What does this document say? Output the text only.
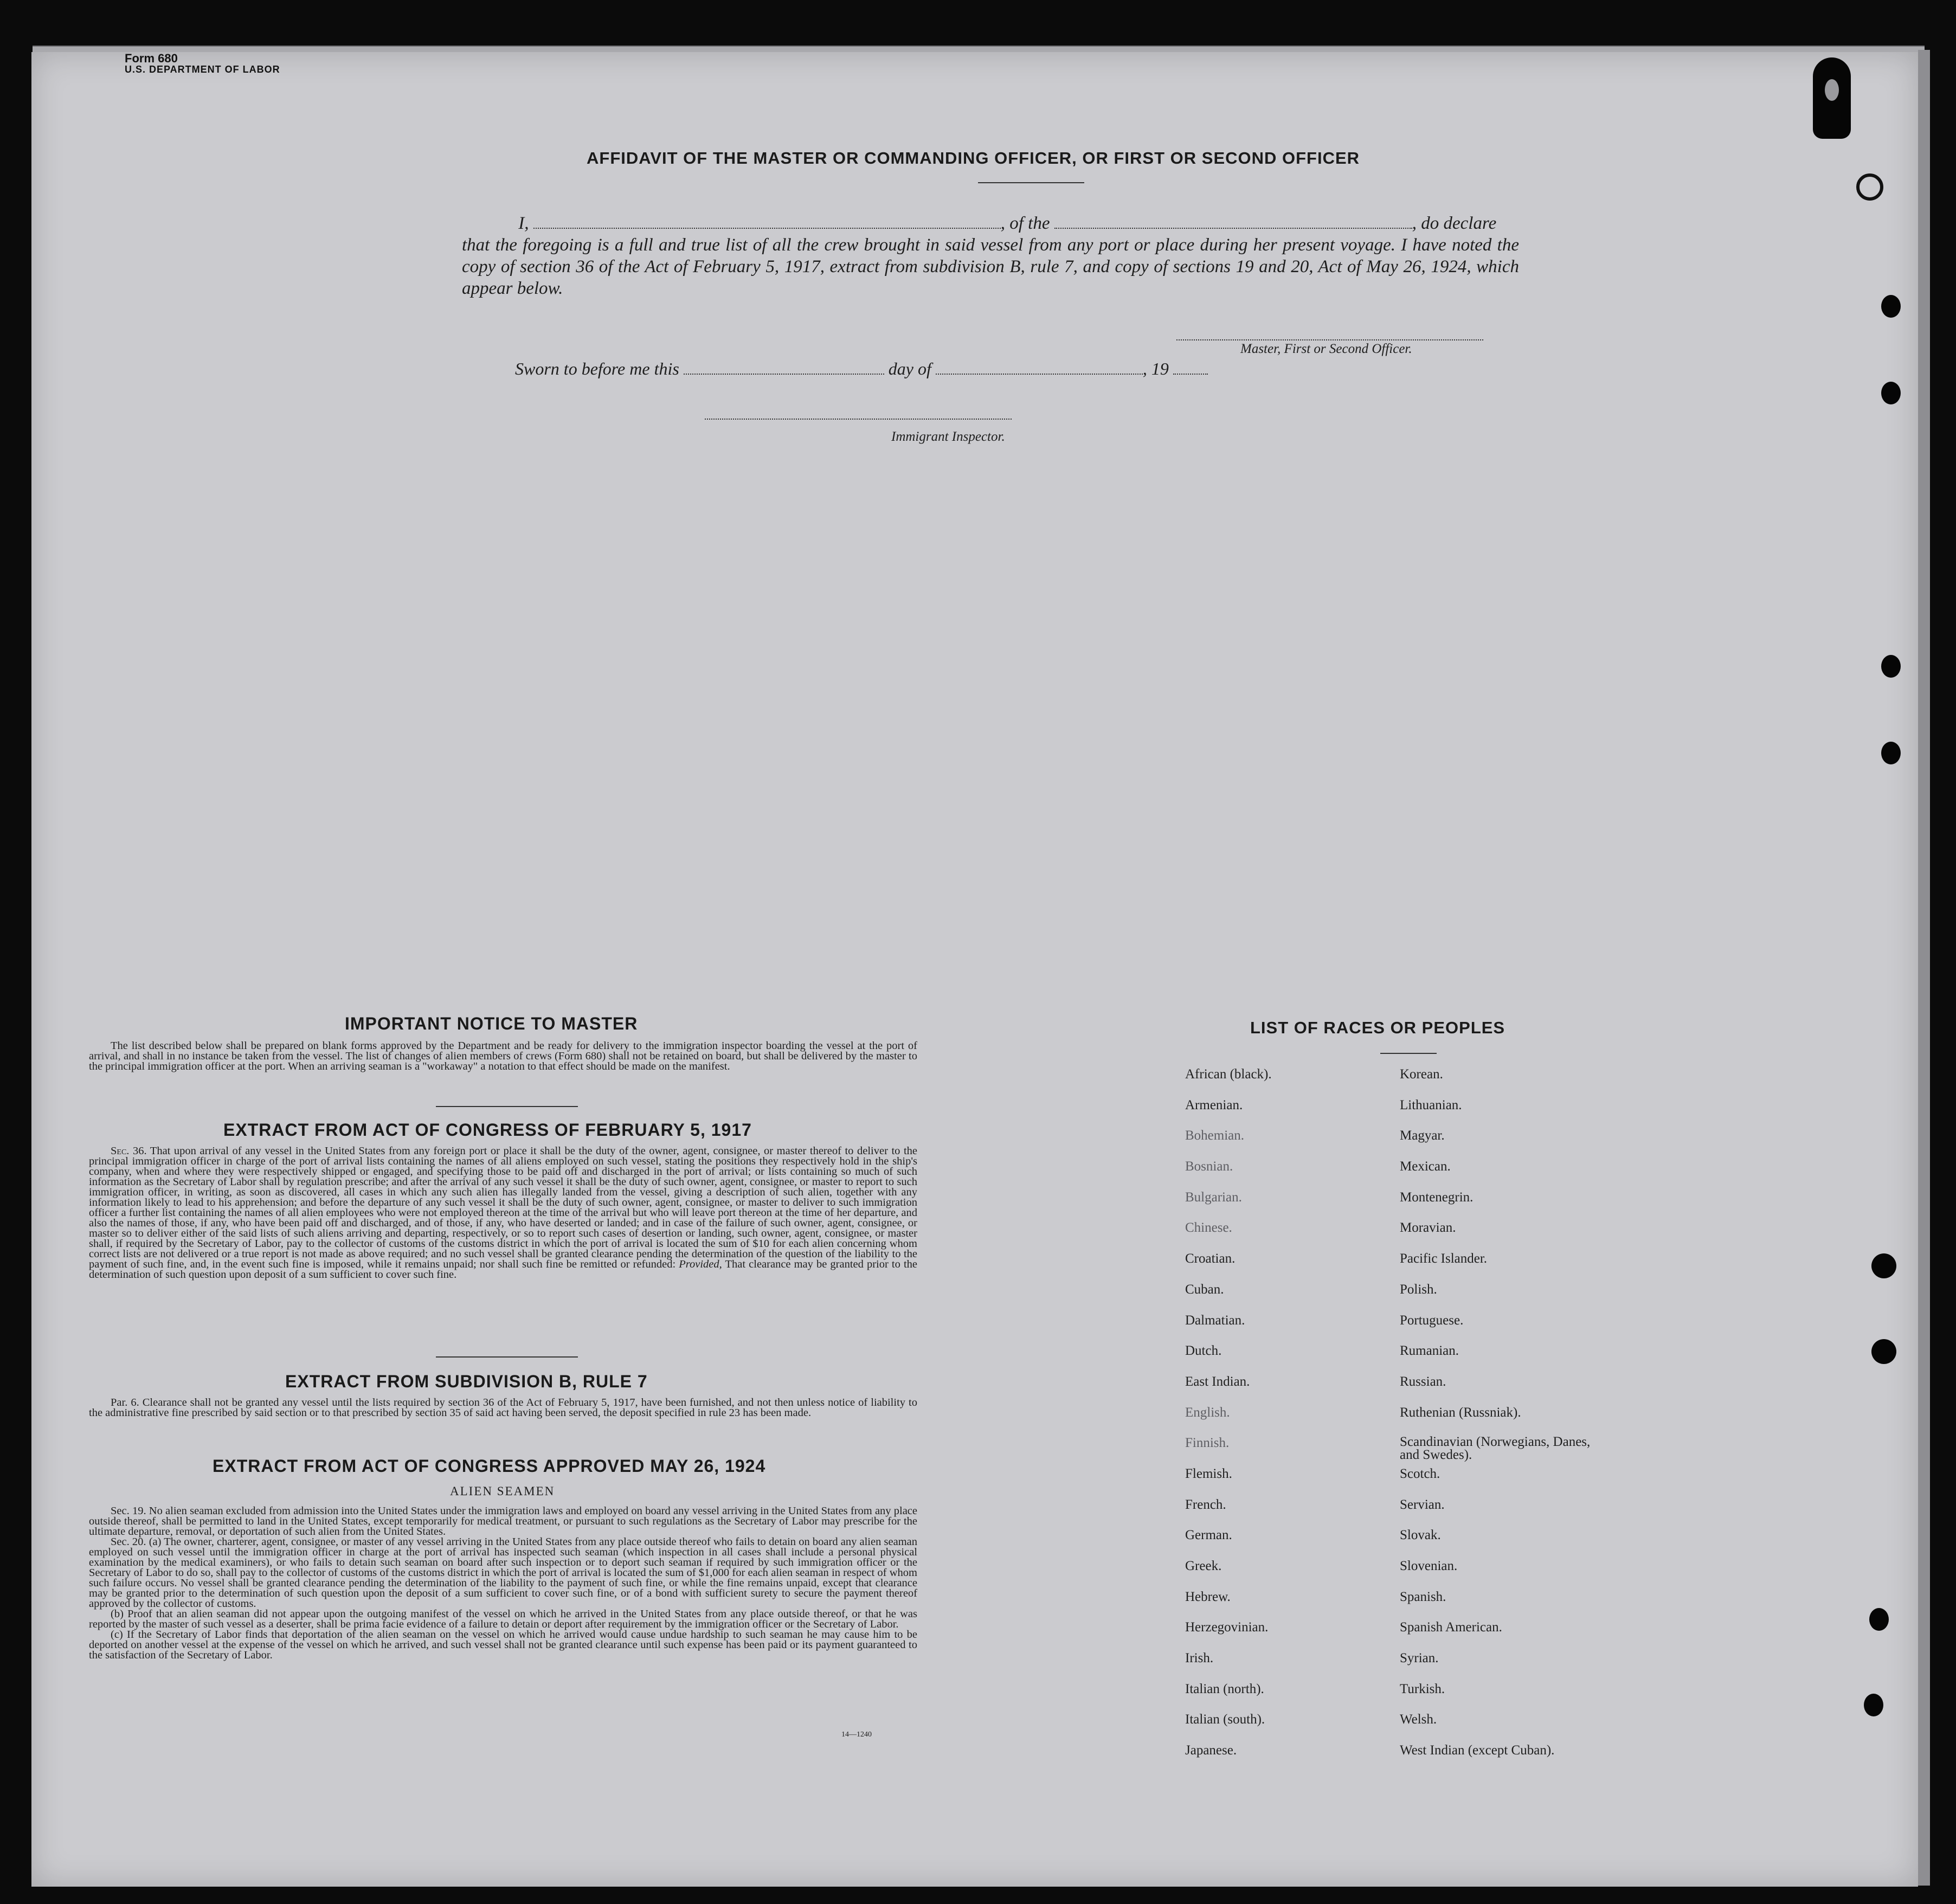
Form 680
U.S. DEPARTMENT OF LABOR
AFFIDAVIT OF THE MASTER OR COMMANDING OFFICER, OR FIRST OR SECOND OFFICER
I,	, of the	, do declare
that the foregoing is a full and true list of all the crew brought in said vessel from any port or place during her present voyage. I have noted the copy of section 36 of the Act of February 5, 1917, extract from subdivision B, rule 7, and copy of sections 19 and 20, Act of May 26, 1924, which appear below.
Master, First or Second Officer.
Sworn to before me this	day of	, 19
Immigrant Inspector.
IMPORTANT NOTICE TO MASTER

The list described below shall be prepared on blank forms approved by the Department and be ready for delivery to the immigration inspector boarding the vessel at the port of arrival, and shall in no instance be taken from the vessel. The list of changes of alien members of crews (Form 680) shall not be retained on board, but shall be delivered by the master to the principal immigration officer at the port. When an arriving seaman is a "workaway" a notation to that effect should be made on the manifest.

EXTRACT FROM ACT OF CONGRESS OF FEBRUARY 5, 1917

Sec. 36. That upon arrival of any vessel in the United States from any foreign port or place it shall be the duty of the owner, agent, consignee, or master thereof to deliver to the principal immigration officer in charge of the port of arrival lists containing the names of all aliens employed on such vessel, stating the positions they respectively hold in the ship's company, when and where they were respectively shipped or engaged, and specifying those to be paid off and discharged in the port of arrival; or lists containing so much of such information as the Secretary of Labor shall by regulation prescribe; and after the arrival of any such vessel it shall be the duty of such owner, agent, consignee, or master to report to such immigration officer, in writing, as soon as discovered, all cases in which any such alien has illegally landed from the vessel, giving a description of such alien, together with any information likely to lead to his apprehension; and before the departure of any such vessel it shall be the duty of such owner, agent, consignee, or master to deliver to such immigration officer a further list containing the names of all alien employees who were not employed thereon at the time of the arrival but who will leave port thereon at the time of her departure, and also the names of those, if any, who have been paid off and discharged, and of those, if any, who have deserted or landed; and in case of the failure of such owner, agent, consignee, or master so to deliver either of the said lists of such aliens arriving and departing, respectively, or so to report such cases of desertion or landing, such owner, agent, consignee, or master shall, if required by the Secretary of Labor, pay to the collector of customs of the customs district in which the port of arrival is located the sum of $10 for each alien concerning whom correct lists are not delivered or a true report is not made as above required; and no such vessel shall be granted clearance pending the determination of the question of the liability to the payment of such fine, and, in the event such fine is imposed, while it remains unpaid; nor shall such fine be remitted or refunded: Provided, That clearance may be granted prior to the determination of such question upon deposit of a sum sufficient to cover such fine.

EXTRACT FROM SUBDIVISION B, RULE 7

Par. 6. Clearance shall not be granted any vessel until the lists required by section 36 of the Act of February 5, 1917, have been furnished, and not then unless notice of liability to the administrative fine prescribed by said section or to that prescribed by section 35 of said act having been served, the deposit specified in rule 23 has been made.

EXTRACT FROM ACT OF CONGRESS APPROVED MAY 26, 1924
ALIEN SEAMEN

Sec. 19. No alien seaman excluded from admission into the United States under the immigration laws and employed on board any vessel arriving in the United States from any place outside thereof, shall be permitted to land in the United States, except temporarily for medical treatment, or pursuant to such regulations as the Secretary of Labor may prescribe for the ultimate departure, removal, or deportation of such alien from the United States.

Sec. 20. (a) The owner, charterer, agent, consignee, or master of any vessel arriving in the United States from any place outside thereof who fails to detain on board any alien seaman employed on such vessel until the immigration officer in charge at the port of arrival has inspected such seaman (which inspection in all cases shall include a personal physical examination by the medical examiners), or who fails to detain such seaman on board after such inspection or to deport such seaman if required by such immigration officer or the Secretary of Labor to do so, shall pay to the collector of customs of the customs district in which the port of arrival is located the sum of $1,000 for each alien seaman in respect of whom such failure occurs. No vessel shall be granted clearance pending the determination of the liability to the payment of such fine, or while the fine remains unpaid, except that clearance may be granted prior to the determination of such question upon the deposit of a sum sufficient to cover such fine, or of a bond with sufficient surety to secure the payment thereof approved by the collector of customs.

(b) Proof that an alien seaman did not appear upon the outgoing manifest of the vessel on which he arrived in the United States from any place outside thereof, or that he was reported by the master of such vessel as a deserter, shall be prima facie evidence of a failure to detain or deport after requirement by the immigration officer or the Secretary of Labor.

(c) If the Secretary of Labor finds that deportation of the alien seaman on the vessel on which he arrived would cause undue hardship to such seaman he may cause him to be deported on another vessel at the expense of the vessel on which he arrived, and such vessel shall not be granted clearance until such expense has been paid or its payment guaranteed to the satisfaction of the Secretary of Labor.

14—1240
LIST OF RACES OR PEOPLES
African (black).
Armenian.
Bohemian.
Bosnian.
Bulgarian.
Chinese.
Croatian.
Cuban.
Dalmatian.
Dutch.
East Indian.
English.
Finnish.
Flemish.
French.
German.
Greek.
Hebrew.
Herzegovinian.
Irish.
Italian (north).
Italian (south).
Japanese.
Korean.
Lithuanian.
Magyar.
Mexican.
Montenegrin.
Moravian.
Pacific Islander.
Polish.
Portuguese.
Rumanian.
Russian.
Ruthenian (Russniak).
Scandinavian (Norwegians, Danes, and Swedes).
Scotch.
Servian.
Slovak.
Slovenian.
Spanish.
Spanish American.
Syrian.
Turkish.
Welsh.
West Indian (except Cuban).
